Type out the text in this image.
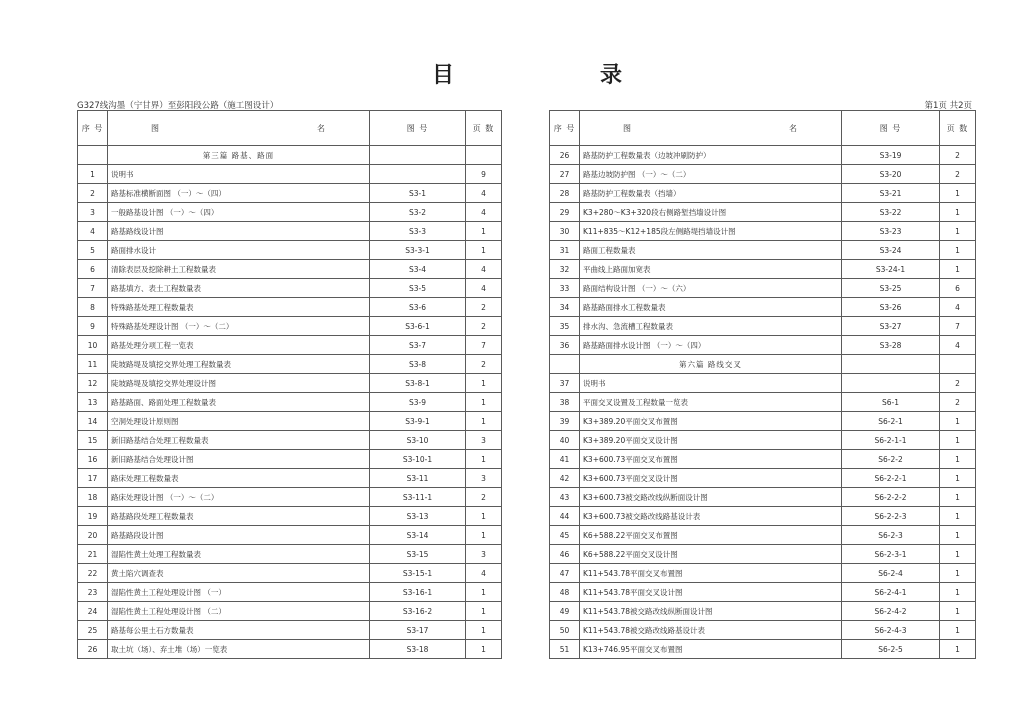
目	录
G327线沟墨（宁甘界）至彭阳段公路（施工图设计）	第1页 共2页
序 号	图 名	图 号	页 数
	第三篇 路基、路面		
1	说明书		9
2	路基标准横断面图 （一）～（四）	S3-1	4
3	一般路基设计图 （一）～（四）	S3-2	4
4	路基路线设计图	S3-3	1
5	路面排水设计	S3-3-1	1
6	清除表层及挖除耕土工程数量表	S3-4	4
7	路基填方、表土工程数量表	S3-5	4
8	特殊路基处理工程数量表	S3-6	2
9	特殊路基处理设计图 （一）～（二）	S3-6-1	2
10	路基处理分项工程一览表	S3-7	7
11	陡坡路堤及填挖交界处理工程数量表	S3-8	2
12	陡坡路堤及填挖交界处理设计图	S3-8-1	1
13	路基路面、路面处理工程数量表	S3-9	1
14	空洞处理设计原则图	S3-9-1	1
15	新旧路基结合处理工程数量表	S3-10	3
16	新旧路基结合处理设计图	S3-10-1	1
17	路床处理工程数量表	S3-11	3
18	路床处理设计图 （一）～（二）	S3-11-1	2
19	路基路段处理工程数量表	S3-13	1
20	路基路段设计图	S3-14	1
21	湿陷性黄土处理工程数量表	S3-15	3
22	黄土陷穴调查表	S3-15-1	4
23	湿陷性黄土工程处理设计图 （一）	S3-16-1	1
24	湿陷性黄土工程处理设计图 （二）	S3-16-2	1
25	路基每公里土石方数量表	S3-17	1
26	取土坑（场）、弃土堆（场）一览表	S3-18	1
序 号	图 名	图 号	页 数
26	路基防护工程数量表（边坡冲刷防护）	S3-19	2
27	路基边坡防护图 （一）～（二）	S3-20	2
28	路基防护工程数量表（挡墙）	S3-21	1
29	K3+280～K3+320段右侧路堑挡墙设计图	S3-22	1
30	K11+835～K12+185段左侧路堤挡墙设计图	S3-23	1
31	路面工程数量表	S3-24	1
32	平曲线上路面加宽表	S3-24-1	1
33	路面结构设计图 （一）～（六）	S3-25	6
34	路基路面排水工程数量表	S3-26	4
35	排水沟、急流槽工程数量表	S3-27	7
36	路基路面排水设计图 （一）～（四）	S3-28	4
	第六篇 路线交叉		
37	说明书		2
38	平面交叉设置及工程数量一览表	S6-1	2
39	K3+389.20平面交叉布置图	S6-2-1	1
40	K3+389.20平面交叉设计图	S6-2-1-1	1
41	K3+600.73平面交叉布置图	S6-2-2	1
42	K3+600.73平面交叉设计图	S6-2-2-1	1
43	K3+600.73被交路改线纵断面设计图	S6-2-2-2	1
44	K3+600.73被交路改线路基设计表	S6-2-2-3	1
45	K6+588.22平面交叉布置图	S6-2-3	1
46	K6+588.22平面交叉设计图	S6-2-3-1	1
47	K11+543.78平面交叉布置图	S6-2-4	1
48	K11+543.78平面交叉设计图	S6-2-4-1	1
49	K11+543.78被交路改线纵断面设计图	S6-2-4-2	1
50	K11+543.78被交路改线路基设计表	S6-2-4-3	1
51	K13+746.95平面交叉布置图	S6-2-5	1
